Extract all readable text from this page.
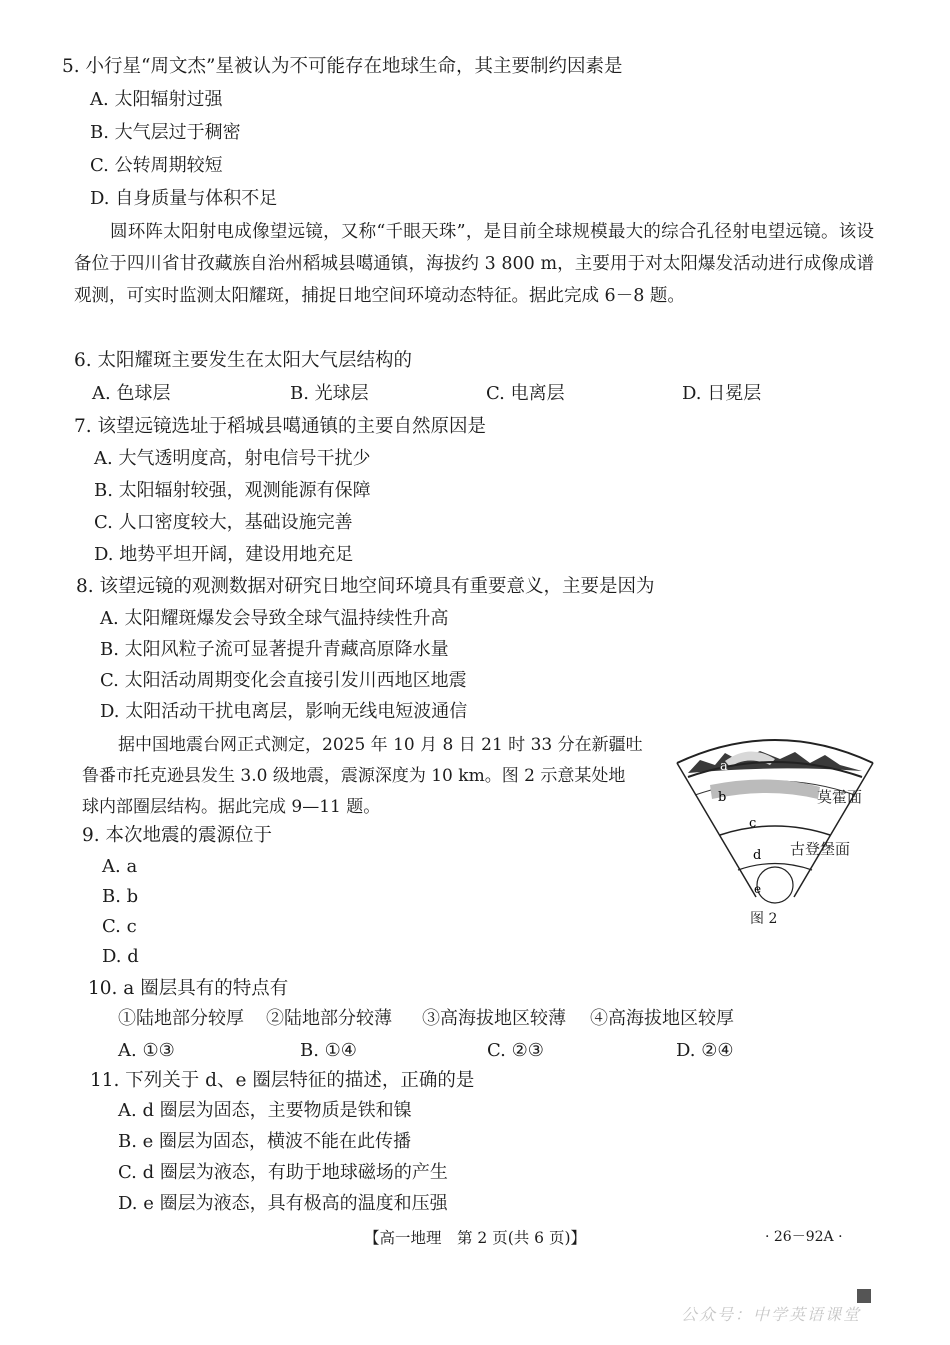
5. 小行星“周文杰”星被认为不可能存在地球生命，其主要制约因素是
A. 太阳辐射过强
B. 大气层过于稠密
C. 公转周期较短
D. 自身质量与体积不足
圆环阵太阳射电成像望远镜，又称“千眼天珠”，是目前全球规模最大的综合孔径射电望远镜。该设备位于四川省甘孜藏族自治州稻城县噶通镇，海拔约 3 800 m，主要用于对太阳爆发活动进行成像成谱观测，可实时监测太阳耀斑，捕捉日地空间环境动态特征。据此完成 6－8 题。
6. 太阳耀斑主要发生在太阳大气层结构的
A. 色球层	B. 光球层	C. 电离层	D. 日冕层
7. 该望远镜选址于稻城县噶通镇的主要自然原因是
A. 大气透明度高，射电信号干扰少
B. 太阳辐射较强，观测能源有保障
C. 人口密度较大，基础设施完善
D. 地势平坦开阔，建设用地充足
8. 该望远镜的观测数据对研究日地空间环境具有重要意义，主要是因为
A. 太阳耀斑爆发会导致全球气温持续性升高
B. 太阳风粒子流可显著提升青藏高原降水量
C. 太阳活动周期变化会直接引发川西地区地震
D. 太阳活动干扰电离层，影响无线电短波通信
据中国地震台网正式测定，2025 年 10 月 8 日 21 时 33 分在新疆吐
鲁番市托克逊县发生 3.0 级地震，震源深度为 10 km。图 2 示意某处地
球内部圈层结构。据此完成 9—11 题。
a
b
c
d
e
莫霍面
古登堡面
图 2
9. 本次地震的震源位于
A. a
B. b
C. c
D. d
10. a 圈层具有的特点有
①陆地部分较厚 ②陆地部分较薄 ③高海拔地区较薄 ④高海拔地区较厚
A. ①③	B. ①④	C. ②③	D. ②④
11. 下列关于 d、e 圈层特征的描述，正确的是
A. d 圈层为固态，主要物质是铁和镍
B. e 圈层为固态，横波不能在此传播
C. d 圈层为液态，有助于地球磁场的产生
D. e 圈层为液态，具有极高的温度和压强
【高一地理　第 2 页(共 6 页)】	· 26－92A ·
公众号：中学英语课堂
